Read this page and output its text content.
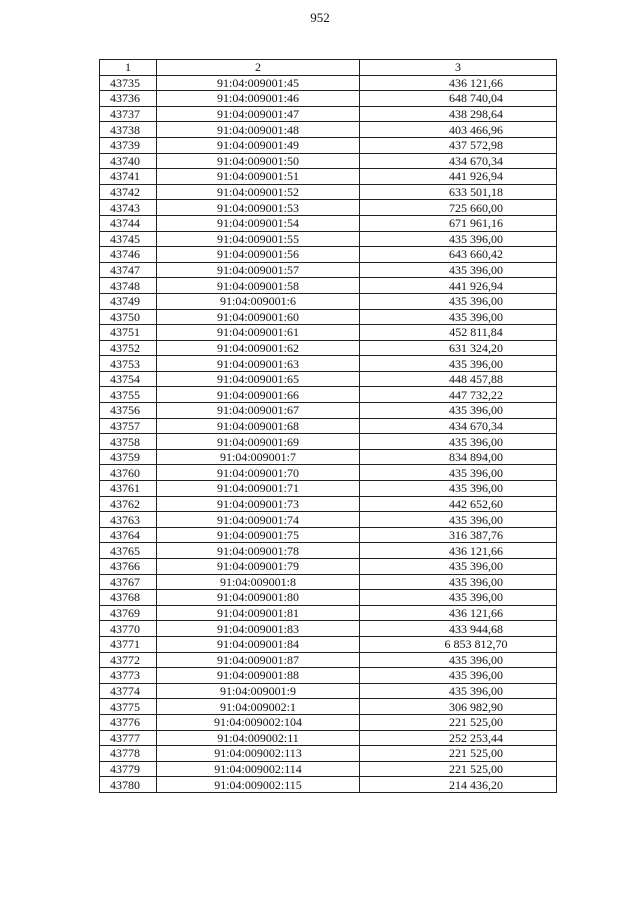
952
1	2	3
43735	91:04:009001:45	436 121,66
43736	91:04:009001:46	648 740,04
43737	91:04:009001:47	438 298,64
43738	91:04:009001:48	403 466,96
43739	91:04:009001:49	437 572,98
43740	91:04:009001:50	434 670,34
43741	91:04:009001:51	441 926,94
43742	91:04:009001:52	633 501,18
43743	91:04:009001:53	725 660,00
43744	91:04:009001:54	671 961,16
43745	91:04:009001:55	435 396,00
43746	91:04:009001:56	643 660,42
43747	91:04:009001:57	435 396,00
43748	91:04:009001:58	441 926,94
43749	91:04:009001:6	435 396,00
43750	91:04:009001:60	435 396,00
43751	91:04:009001:61	452 811,84
43752	91:04:009001:62	631 324,20
43753	91:04:009001:63	435 396,00
43754	91:04:009001:65	448 457,88
43755	91:04:009001:66	447 732,22
43756	91:04:009001:67	435 396,00
43757	91:04:009001:68	434 670,34
43758	91:04:009001:69	435 396,00
43759	91:04:009001:7	834 894,00
43760	91:04:009001:70	435 396,00
43761	91:04:009001:71	435 396,00
43762	91:04:009001:73	442 652,60
43763	91:04:009001:74	435 396,00
43764	91:04:009001:75	316 387,76
43765	91:04:009001:78	436 121,66
43766	91:04:009001:79	435 396,00
43767	91:04:009001:8	435 396,00
43768	91:04:009001:80	435 396,00
43769	91:04:009001:81	436 121,66
43770	91:04:009001:83	433 944,68
43771	91:04:009001:84	6 853 812,70
43772	91:04:009001:87	435 396,00
43773	91:04:009001:88	435 396,00
43774	91:04:009001:9	435 396,00
43775	91:04:009002:1	306 982,90
43776	91:04:009002:104	221 525,00
43777	91:04:009002:11	252 253,44
43778	91:04:009002:113	221 525,00
43779	91:04:009002:114	221 525,00
43780	91:04:009002:115	214 436,20
